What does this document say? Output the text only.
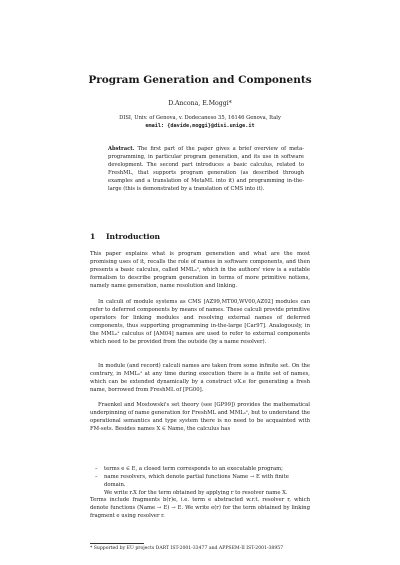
Program Generation and Components
D.Ancona, E.Moggi*
DISI, Univ. of Genova, v. Dodecaneso 35, 16146 Genova, Italy
email: {davide,moggi}@disi.unige.it
Abstract. The first part of the paper gives a brief overview of meta-programming, in particular program generation, and its use in software development. The second part introduces a basic calculus, related to FreshML, that supports program generation (as described through examples and a translation of MetaML into it) and programming in-the-large (this is demonstrated by a translation of CMS into it).
1 Introduction
This paper explains what is program generation and what are the most promising uses of it, recalls the role of names in software components, and then presents a basic calculus, called MMLₙˢ, which in the authors' view is a suitable formalism to describe program generation in terms of more primitive notions, namely name generation, name resolution and linking.
In calculi of module systems as CMS [AZ99,MT00,WV00,AZ02] modules can refer to deferred components by means of names. These calculi provide primitive operators for linking modules and resolving external names of deferred components, thus supporting programming in-the-large [Car97]. Analogously, in the MMLₙˢ calculus of [AM04] names are used to refer to external components which need to be provided from the outside (by a name resolver).
In module (and record) calculi names are taken from some infinite set. On the contrary, in MMLₙˢ at any time during execution there is a finite set of names, which can be extended dynamically by a construct νX.e for generating a fresh name, borrowed from FreshML of [PG00].
Fraenkel and Mostowski's set theory (see [GP99]) provides the mathematical underpinning of name generation for FreshML and MMLₙˢ, but to understand the operational semantics and type system there is no need to be acquainted with FM-sets. Besides names X ∈ Name, the calculus has
– terms e ∈ E, a closed term corresponds to an executable program;
– name resolvers, which denote partial functions Name → E with finite domain.
We write r.X for the term obtained by applying r to resolver name X.
Terms include fragments b(r)e, i.e. term e abstracted w.r.t. resolver r, which denote functions (Name → E) → E. We write e(r) for the term obtained by linking fragment e using resolver r.
* Supported by EU projects DART IST-2001-33477 and APPSEM-II IST-2001-38957
